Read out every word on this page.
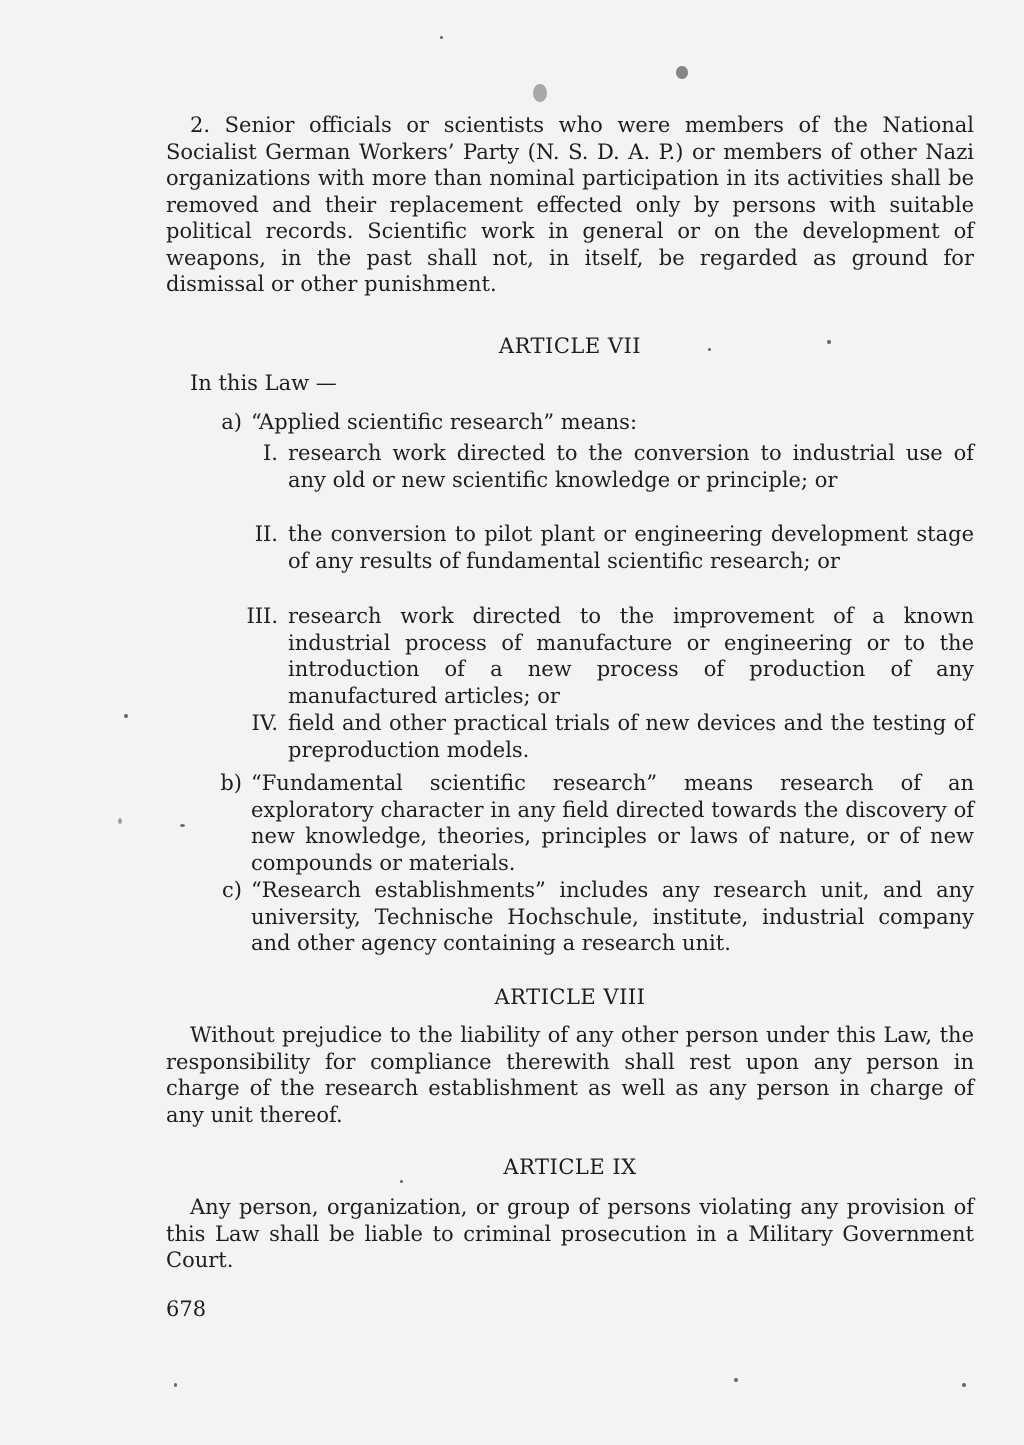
2. Senior officials or scientists who were members of the National Socialist German Workers’ Party (N. S. D. A. P.) or members of other Nazi organizations with more than nominal participation in its activities shall be removed and their replacement effected only by persons with suitable political records. Scientific work in general or on the development of weapons, in the past shall not, in itself, be regarded as ground for dismissal or other punishment.

ARTICLE VII

In this Law —

a) “Applied scientific research” means:

I. research work directed to the conversion to industrial use of any old or new scientific knowledge or principle; or

II. the conversion to pilot plant or engineering development stage of any results of fundamental scientific research; or

III. research work directed to the improvement of a known industrial process of manufacture or engineering or to the introduction of a new process of production of any manufactured articles; or

IV. field and other practical trials of new devices and the testing of preproduction models.

b) “Fundamental scientific research” means research of an exploratory character in any field directed towards the discovery of new knowledge, theories, principles or laws of nature, or of new compounds or materials.

c) “Research establishments” includes any research unit, and any university, Technische Hochschule, institute, industrial company and other agency containing a research unit.

ARTICLE VIII

Without prejudice to the liability of any other person under this Law, the responsibility for compliance therewith shall rest upon any person in charge of the research establishment as well as any person in charge of any unit thereof.

ARTICLE IX

Any person, organization, or group of persons violating any provision of this Law shall be liable to criminal prosecution in a Military Government Court.

678
